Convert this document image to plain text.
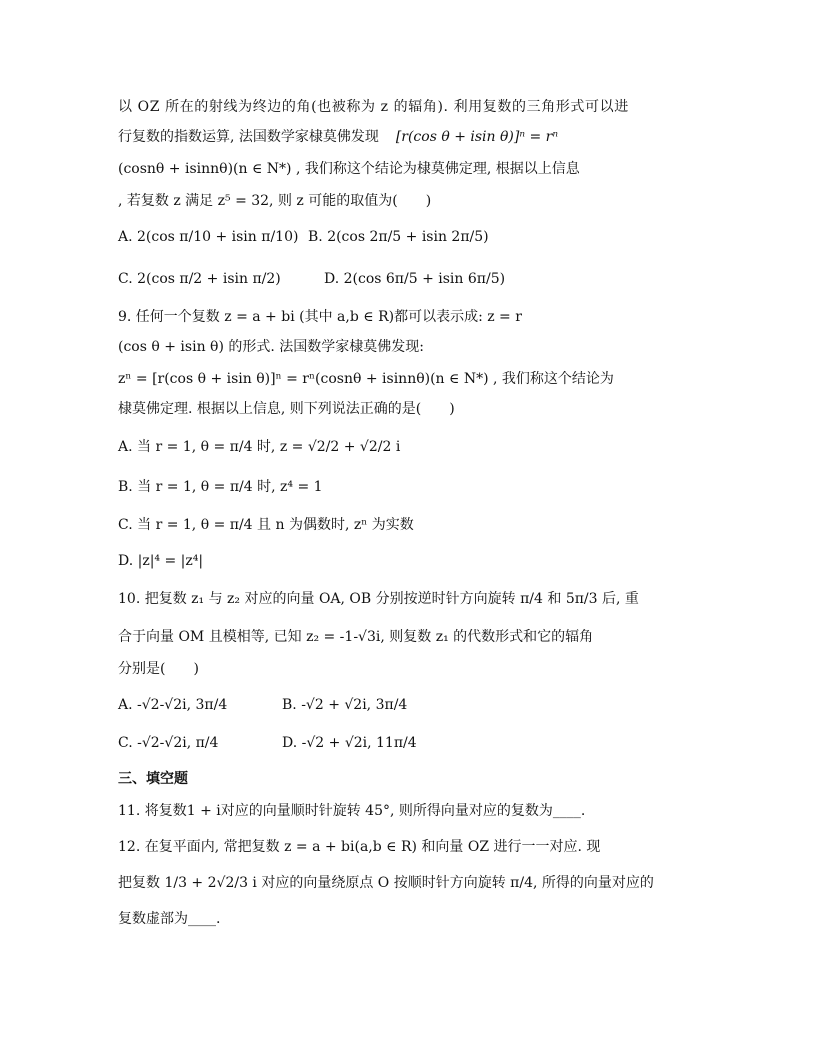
以 OZ 所在的射线为终边的角(也被称为 z 的辐角). 利用复数的三角形式可以进
行复数的指数运算, 法国数学家棣莫佛发现 [r(cos θ + isin θ)]ⁿ = rⁿ
(cosnθ + isinnθ)(n ∈ N*) , 我们称这个结论为棣莫佛定理, 根据以上信息
, 若复数 z 满足 z⁵ = 32, 则 z 可能的取值为(　　)
A. 2(cos π/10 + isin π/10) B. 2(cos 2π/5 + isin 2π/5)
C. 2(cos π/2 + isin π/2)	D. 2(cos 6π/5 + isin 6π/5)
9. 任何一个复数 z = a + bi (其中 a,b ∈ R)都可以表示成: z = r
(cos θ + isin θ) 的形式. 法国数学家棣莫佛发现:
zⁿ = [r(cos θ + isin θ)]ⁿ = rⁿ(cosnθ + isinnθ)(n ∈ N*) , 我们称这个结论为
棣莫佛定理. 根据以上信息, 则下列说法正确的是(　　)
A. 当 r = 1, θ = π/4 时, z = √2/2 + √2/2 i
B. 当 r = 1, θ = π/4 时, z⁴ = 1
C. 当 r = 1, θ = π/4 且 n 为偶数时, zⁿ 为实数
D. |z|⁴ = |z⁴|
10. 把复数 z₁ 与 z₂ 对应的向量 OA, OB 分别按逆时针方向旋转 π/4 和 5π/3 后, 重
合于向量 OM 且模相等, 已知 z₂ = -1-√3i, 则复数 z₁ 的代数形式和它的辐角
分别是(　　)
A. -√2-√2i, 3π/4	B. -√2 + √2i, 3π/4
C. -√2-√2i, π/4	D. -√2 + √2i, 11π/4
三、填空题
11. 将复数1 + i对应的向量顺时针旋转 45°, 则所得向量对应的复数为____.
12. 在复平面内, 常把复数 z = a + bi(a,b ∈ R) 和向量 OZ 进行一一对应. 现
把复数 1/3 + 2√2/3 i 对应的向量绕原点 O 按顺时针方向旋转 π/4, 所得的向量对应的
复数虚部为____.
